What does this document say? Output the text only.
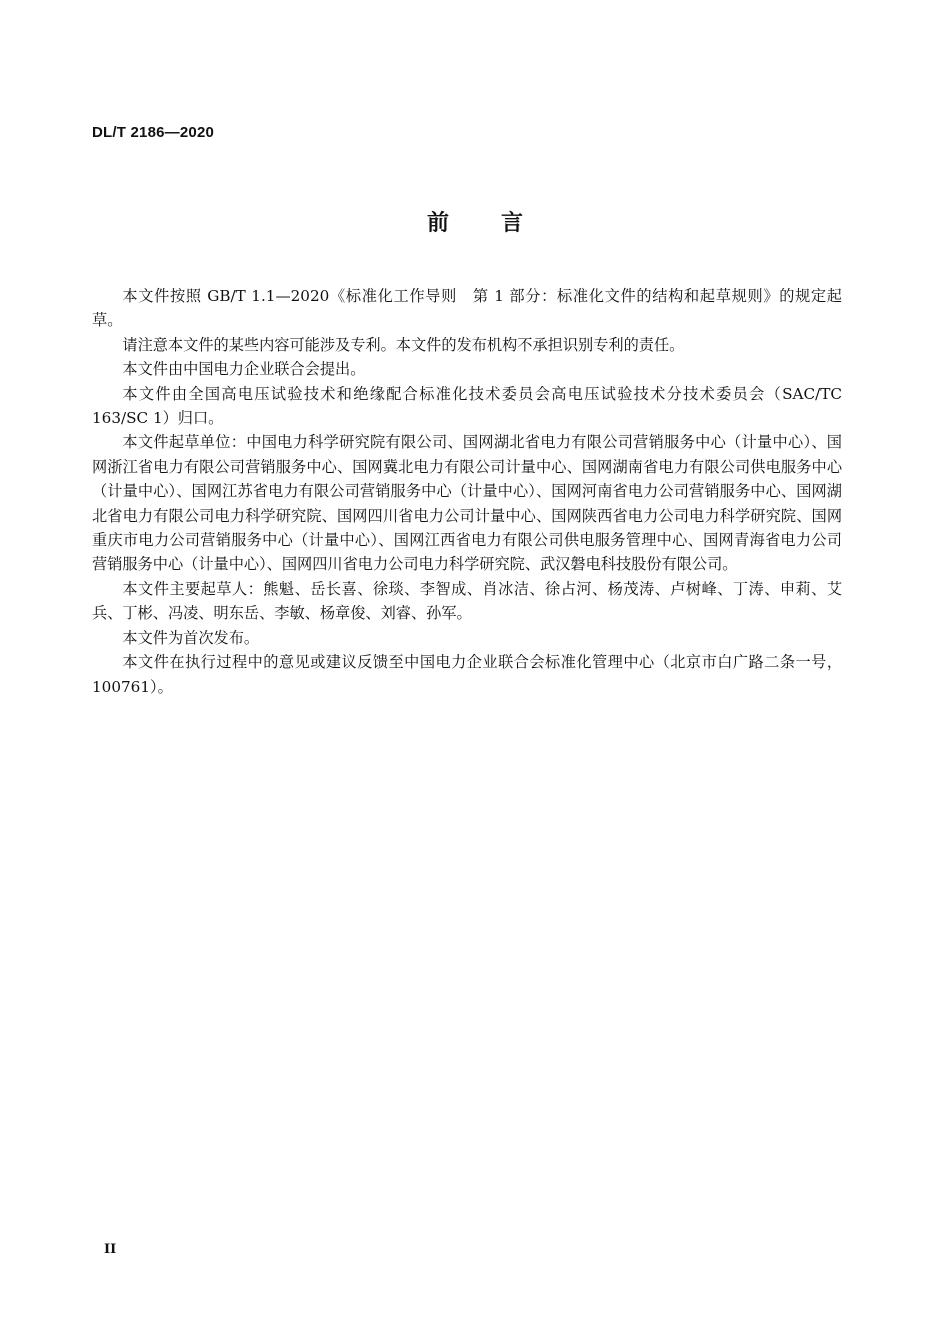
DL/T 2186—2020
前 言

本文件按照 GB/T 1.1—2020《标准化工作导则　第 1 部分：标准化文件的结构和起草规则》的规定起草。

请注意本文件的某些内容可能涉及专利。本文件的发布机构不承担识别专利的责任。

本文件由中国电力企业联合会提出。

本文件由全国高电压试验技术和绝缘配合标准化技术委员会高电压试验技术分技术委员会（SAC/TC 163/SC 1）归口。

本文件起草单位：中国电力科学研究院有限公司、国网湖北省电力有限公司营销服务中心（计量中心）、国网浙江省电力有限公司营销服务中心、国网冀北电力有限公司计量中心、国网湖南省电力有限公司供电服务中心（计量中心）、国网江苏省电力有限公司营销服务中心（计量中心）、国网河南省电力公司营销服务中心、国网湖北省电力有限公司电力科学研究院、国网四川省电力公司计量中心、国网陕西省电力公司电力科学研究院、国网重庆市电力公司营销服务中心（计量中心）、国网江西省电力有限公司供电服务管理中心、国网青海省电力公司营销服务中心（计量中心）、国网四川省电力公司电力科学研究院、武汉磐电科技股份有限公司。

本文件主要起草人：熊魁、岳长喜、徐琰、李智成、肖冰洁、徐占河、杨茂涛、卢树峰、丁涛、申莉、艾兵、丁彬、冯凌、明东岳、李敏、杨章俊、刘睿、孙军。

本文件为首次发布。

本文件在执行过程中的意见或建议反馈至中国电力企业联合会标准化管理中心（北京市白广路二条一号，100761）。

II
